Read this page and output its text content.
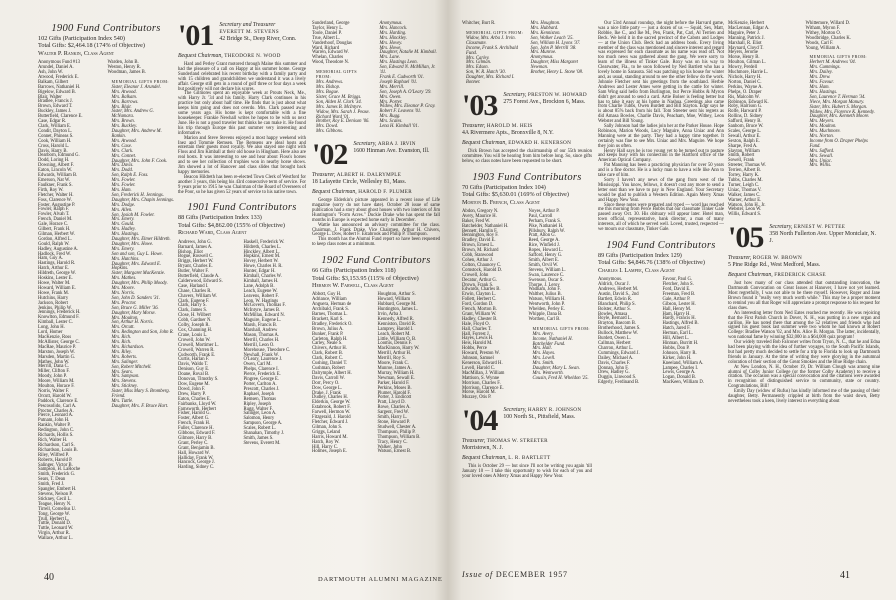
1900 Fund Contributors
102 Gifts (Participation Index 540)
Total Gifts: $2,464.18 (174% of Objective)
Walter P. Rankin, Class Agent
Anonymous Fund #13
Arundel, Daniel A.
Ash, John W.
Atwood, Frederick E.
Balkam, Gilbert
Barrows, Nathaniel H.
Bigelow, Edward B.
Blair, Walter
Bradlee, Francis J.
Brown, Edward T.
Buckley, James J.
Butterfield, Clarence E.
Case, Edgar R.
Clark, William E.
Condit, Dayton L.
Connet, Phineas S.
Cook, William H.
Cross, Harold L.
Davis, Harry B.
Dearborn, Edmund G.
Dodd, Loring H.
Downing, Albert F.
Eaton, Lincoln W.
Edwards, William B.
Emerson, Nat W.
Faulkner, Frank S.
Firth, Roy W.
Fletcher, Walter H.
Foss, Clarence W.
Foster, Augustine P.
Fowler, Ralph F.
Fowler, Alvah T.
French, Daniel M.
Gale, Horace C.
Gilbert, Frank H.
Gilman, Herbert W.
Gordon, Alfred L.
Gould, Ralph W.
Hadley, Augustine A.
Hadlock, Fred W.
Ham, Guy A.
Hastings, Harold R.
Hatch, Arthur E.
Hildreth, George W.
Hoskins, Lester E.
Howe, Walter M.
Howard, William E.
Howe, Frank M.
Hutchins, Harry
Jackson, Robert
Jenkins, Philip W.
Jennings, Frederick H.
Knowlton, Edmund F.
Kimball, Lester C.
Long, John H.
Lord, Homer
MacKenzie, Ross
McAllister, George C.
MacRae, Maurice P.
Marston, Joseph W.
Marsden, Martin G.
Mathes, John W.
Merrill, Dana C.
Miller, Clifton F.
Moody, John P.
Moore, William M.
Moulton, Horace F.
Norris, Walter F.
Orcutt, Harold W.
Paddock, Clarence E.
Pescosolido, Carl A.
Proctor, Charles A.
Pierce, Leonard A.
Putnam, John H.
Rankin, Walter P.
Redington, John C.
Richards, Hollis S.
Rich, Walter H.
Richardson, Carl S.
Richardson, Louis B.
Riley, Wilfred P.
Roberts, Harold P.
Salinger, Victor B.
Sampson, H. LaRoche
Smith, Frederick G.
Sears, T. Dean
Smith, Fred J.
Spangler, Embert H.
Stevens, Nelson P.
Stickney, Cecil L.
Teague, Henry N.
Tirrell, Cornelius U.
Tong, George W.
Trull, Herbert L.
Tuttle, Donald D.
Tuttle, Leonard W.
Virgin, Arthur R.
Wallace, Arthur L.
Warden, John B.
Weston, Henry R.
Woodman, James B.
MEMORIAL GIFTS FROM:
Sister, Eleanor J. Arundel.
Mrs. Atwood.
Mrs. Balkam.
Mrs. Barrows.
Mrs. Blair.
Sister, Mrs. Andrew G. McNamara.
Mrs. Brown.
Mrs. Buckley.
Daughter, Mrs. Andrew M. Rankin.
Mrs. Atwood.
Mrs. Case.
Mrs. Clark.
Mrs. Connet.
Daughter, Mrs. John F. Cook.
Mrs. Davis.
Mrs. Dodd.
Son, Ralph E. Foss.
Mrs. Fowler.
Mrs. Fowler.
Mrs. Ham.
Son, Frederick H. Jennings.
Daughter, Mrs. Chapin Jennings.
Mrs. Dodge.
Mrs. Allen.
Son, Josiah M. Fowler.
Mrs. Emery.
Mrs. Gould.
Mrs. Hadley.
Mrs. Hastings.
Daughter, Mrs. Elmer Hildreth.
Daughter, Mrs. Howe.
Mrs. Emery.
Son and son, Guy L. Howe.
Mrs. Hutchins.
Daughter, Mrs. Edward E. Hopkins.
Sister, Margaret MacKenzie.
Mrs. Mathes.
Daughter, Mrs. Philip Moody.
Mrs. Moore.
Mrs. Norris.
Son, John D. Sanders '31.
Mrs. Proctor.
Son, Bruce G. Miller '36.
Daughter, Mary Morse.
Mrs. Moulton.
Son, Arthur H. Norris.
Mrs. Orcutt.
Mrs. Redington and Son, John R.
Mrs. Rich.
Mrs. Rich.
Mrs. Richardson.
Mrs. Riley.
Mrs. Roberts.
Mrs. Salinger.
Son, Robert Mitchell.
Mrs. Sears.
Mrs. Sampson.
Mrs. Stevens.
Mrs. Stickney.
Sister, Miss Mary S. Bromberg.
Friend.
Mrs. Tuttle.
Daughter, Mrs. F. Bruce Hart.
'01	Secretary and Treasurer
EVERETT M. STEVENS
42 Bridge St., Deep River, Conn.
Bequest Chairman, THEODORE N. WOOD

Hard and Perley Grant motored through Maine this summer and had the pleasure of a call on Happy at his summer home. George Sunderland celebrated his recent birthday with a family party and with 15 children and grandchildren we understand it was a lively affair. George still gets in a round of golf three or four days a week but positively will not declare his scores.

The Gilmores spent an enjoyable week at Prouts Neck, Me., with Harry Jr. '34 and his family. Harry Clark continues in his practice but only about half time. He finds that is just about what keeps him going and does not overdo. Mrs. Clark passed away some years ago. His home is kept comfortable with a fine housekeeper. Frankie Newhall writes he hopes to be with us next June. He is not a good traveler but thinks he can make it. He found his trip through Europe this past summer very interesting and informative.

Marion and Steve Stevens enjoyed a most happy weekend with Inez and Tommie Remsen. The Remsens are ideal hosts and entertain their guests most royally. We also stayed one night with Floss and Jim Kimball at their old house in Hingham. Here also are real hosts. It was interesting to see and hear about Floss's horses and to see her collection of trophies won in nearby horse shows. Jim showed a lot of Hanover and class slides that brought back happy memories.

Beacon Hildreth has been re-elected Town Clerk of Westford for another 3 years, this being his 43rd consecutive term of service. For 9 years prior to 1915 he was Chairman of the Board of Overseers of the Poor, so he has given 52 years of service to his native town.

1901 Fund Contributors
88 Gifts (Participation Index 133)
Total Gifts: $4,862.00 (155% of Objective)
Richard Ward, Class Agent
Andrews, John G.
Barnard, James A.
Bishop, Eliot
Bogue, Roswell C.
Briggs, Herbert W.
Bryant, Charles E.
Butler, Walter F.
Butterfield, Claude A.
Calderwood, Edward S.
Case, Harland I.
Chase, Charles R.
Chavers, William W.
Clark, Eugene F.
Clark, Harry S.
Clark, James S.
Close, H. Wilbert
Cobb, Gardner N.
Colby, Joseph R.
Cox, Channing H.
Crane, Louis L.
Crowell, John W.
Crowell, Mortimer L.
Crowell, Warren R.
Cudworth, Frank E.
Curtis, Harlan F.
Davis, Waldo T.
Denison, Guy E.
Doane, Roval B.
Donovan, Timothy S.
Dow, Eugene M.
Dowd, John F.
Drew, Harry P.
Eaton, Charles E.
Fairbanks, Lloyd W.
Farnsworth, Herbert
Fisher, Harold G.
Foster, Albert G.
French, Frank H.
Fuller, Clarence H.
Gibbons, Edward F.
Gilmore, Harry B.
Grant, Perley C.
Grant, Benjamin B.
Hall, Howard W.
Halliday, Frank W.
Hancock, George J.
Harding, Sidney C.
Haskell, Frederick W.
Hildreth, Charles L.
Hinckley, Albert L.
Hopkins, Ernest M.
Hovey, Herbert W.
Howe, Charles H. R.
Hunter, Edgar H.
Kimball, Charles W.
Kimball, James H.
Lane, Adolph B.
Leach, Eugene W.
Leavens, Robert F.
Leon, W. Hastings
McGovern, Thomas F.
McIntyre, James B.
McMillan, Edward N.
Maguire, Eugene L.
Marsh, Francis B.
Marshall, Andrew
Mason, Thomas A.
Merrill, Charles H.
Merrill, Leon O.
Morehouse, Theodore C.
Newhall, Frank W.
O'Leary, Laurence J.
Owen, Carl M.
Phelps, Clarence I.
Pierce, Frederick E.
Pingree, George E.
Porter, Carlton A.
Prescott, Charles J.
Raphael, Joseph
Remsen, Thomas
Ripley, Joseph
Rugg, Walter F.
Salinger, Leon A.
Salomon, Henry
Sampson, George A.
Scales, Robert L.
Shanahan, Timothy J.
Smith, James S.
Stevens, Everett M.
Sunderland, George
Taylor, Henry L.
Toole, Daniel P.
True, Albert L.
Vanderhoof, Douglas
Ward, Richard
Warren, Edward W.
Whelan, Charles
Wood, Theodore N.
MEMORIAL GIFTS FROM:
Mrs. Andrews.
Mrs. Bishop.
Mrs. Bogue.
Sister, Grace M. Briggs.
Son, Alden H. Clark '34.
Mrs. James B. McIntyre.
Widow, Mrs. Sarah J. Pease.
Richard Ward '01.
Brother, Roy E. Denison '06.
Mrs. Dowd.
Mrs. Gibbons.
Anonymous.
Mrs. Hancock.
Mrs. Harding.
Mrs. Hinckley.
Mrs. Hovey.
Mrs. Howe.
Daughter, Natalie M. Kimball.
Mrs. Lane.
Mrs. Hastings Leon.
Son, Edward N. McMillan, Jr. '41.
Frank E. Cudworth '01.
Joseph Raphael '01.
Mrs. Merrill.
Son, Joseph A. O'Leary '29.
Mrs. Owen.
Mrs. Porter.
Widow, Mrs. Eleanor P. Gray.
Robert F. Leavens '01.
Mrs. Rugg.
Mrs. Scales.
Lena H. Kimball '01.
'02	Secretary, ARBA J. IRVIN
1600 Hinman Ave. Evanston, Ill.
Treasurer, ALBERT H. DALRYMPLE
18 Lafayette Circle, Wellesley 81, Mass.
Bequest Chairman, HAROLD F. PLUMER

George Elderkin's picture appeared in a recent issue of Life magazine (sorry do not have date). October 28 issue of same publication had a story about ghost houses with two interiors of Jim Huntington's "Form Acres." Duckie Drake who has spent the fall months in Europe is expected home early in December.

Wattie has announced an advisory committee for the class. Chairman, J. Frank Drake, Vice Chairmen, Arthur H. Chivers, George L. Dow, Robert F. Estabrook and Philip P. Thompson.

This month has the Alumni Fund report so have been requested to keep class notes at a minimum.

1902 Fund Contributors
66 Gifts (Participation Index 118)
Total Gifts: $3,153.95 (115% of Objective)
Hermon W. Farwell, Class Agent
Abbott, Guy H.
Adriance, William
Anguera, Herman de
Archibald, Frank S.
Barnes, Thomas L.
Brackett, Karl S.
Bradley, Frederick O.
Brown, Julius A.
Bunker, Frank P.
Carleton, Ralph H.
Carley, Neale S.
Chivers, Arthur H.
Clark, Robert B.
Clark, Robert C.
Cushing, Daniel T.
Cushman, Robert
Dalrymple, Albert H.
Davis, Carroll W.
Dorr, Percy O.
Dow, George L.
Drake, J. Frank
Dudley, Charles H.
Elderkin, George W.
Estabrook, Robert F.
Farwell, Hermon W.
Fitzgerald, J. Harold
Fletcher, Edward J.
Gilman, John S.
Griggs, Leland
Harris, Howard M.
Hatch, Roy W.
Hill, Harry C.
Holmes, Joseph E.
Houghton, Arthur S.
Howard, William
Hubbard, George M.
Huntington, James L.
Irvin, Arba J.
Kennedy, Alfred R.
Kenniston, David R.
Lamprey, Harold I.
Leach, Robert M.
Little, William O. B.
Loomis, Dennis F.
MacKinnon, Harry W.
Merrill, Arthur H.
Merrill, Roy S.
Moore, Frank C.
Munroe, James A.
Murray, William H.
Newman, Sewall E.
Parker, Harold F.
Perkins, Moses B.
Plumer, Harold F.
Porter, J. Endicott
Pratt, Lloyd D.
Rowe, Charles A.
Sargent, Fred W.
Smith, Harry L.
Stone, Howard P.
Studwell, Chester A.
Thompson, Philip P.
Thompson, William B.
Tracy, Henry C.
Walker, John
Watson, Ernest B.
40	DARTMOUTH ALUMNI MAGAZINE
Whitcher, Burt R.
MEMORIAL GIFTS FROM:
Widow, Mrs. Arba J. Irvin.
Classmate.
Income, Frank S. Archibald Fund.
Mrs. Carley.
Mrs. Gilman.
Mrs. Edson.
Son, W. R. Hatch '30.
Daughter, Mrs. Richard I. Bonner.
Mrs. Houghton.
Mrs. Hubbard.
Mrs. Kenniston.
Son, Walker Leach '25.
Son, William H. Lyons '37.
Son, John P. Merrill '38.
Mrs. Munroe.
Anonymous.
Daughter, Miss Margaret Newman.
Brother, Henry L. Stone '08.
'03	Secretary, PRESTON W. HOWARD
275 Forest Ave., Brockton 6, Mass.
Treasurer, HAROLD M. HEIS
4A Rivermere Apts., Bronxville 8, N.Y.
Bequest Chairman, EDWARD H. KENERSON

Dick Brown has accepted the chairmanship of our 55th reunion committee. You will be hearing from him before long. So, since gifts below, so class notes have been requested to be short.

1903 Fund Contributors
70 Gifts (Participation Index 104)
Total Gifts: $5,630.01 (169% of Objective)
Morton B. French, Class Agent
Abdon, Gregory N.
Avery, Maurice H.
Baker, Fred W.
Batchelder, Nathaniel H.
Bennett, Hamlin F.
Bennington, Roy F.
Bradley, David E.
Brown, Ernest L.
Brown, M. Richard
Cobb, Stanwood
Cohen, Arthur J.
Colton, Chauncey C.
Comstock, Harold D.
Crowell, John
Decatur, Arthur G.
Drown, Frank S.
Edwards, Charles B.
Erwin, Clayton L.
Follett, Herbert C.
Ford, Gordon D.
French, Morton B.
Grant, William W.
Hadley, Chester B.
Hale, Floyd O.
Hall, Charles T.
Hall, Forrest J.
Hayes, Lewis H.
Heis, Harold M.
Hobbs, Perce
Howard, Preston W.
Johnson, Samuel
Kenerson, Edward H.
Lovell, Harold C.
MacMillan, J. William
Mattison, S. Wynne
Morrison, Charles F.
Morrison, Clarence E.
Morse, Harold M.
Muzzey, Otis P.
Noyes, Arthur P.
Paul, Carroll
Perham, Frank S.
Pike, Nathaniel H.
Pillsbury, Ralph W.
Pratt, Alton G.
Reed, George A.
Rice, Winfield J.
Ropes, Howard L.
Safford, Henry G.
Smith, Albert E.
Smith, Orvil W.
Stevens, William L.
Swan, Laurence C.
Swenson, Oscar S.
Thorpe, J. Leroy
Wadham, John F.
Walther, Julius B.
Watson, William H.
Wentworth, John P.
Whelden, Perley E.
Whipple, Dana B.
Worthen, Carl B.
MEMORIAL GIFTS FROM:
Mrs. Avery.
Income, Nathaniel H. Batchelder Fund.
Mrs. Hall.
Mrs. Hayes.
Mrs. Lovell.
Mrs. Smith.
Daughter, Mary L. Swan.
Mrs. Wentworth.
Cousin, Fred H. Wheldon '25.
'04	Secretary, HARRY R. JOHNSON
100 North St., Pittsfield, Mass.
Treasurer, THOMAS W. STREETER
Morristown, N. J.
Bequest Chairman, L. R. BARTLETT

This is October 29 — but since I'll not be writing you again 'till January 10 — I take this opportunity to wish for each of you and your loved ones A Merry Xmas and Happy New Year.

Issue of DECEMBER 1957

Our 53rd Annual roundup, the night before the Harvard game, was a nice little party — just a dozen of us — Squid, Sex, Matt, Robbie, Ike C., and Ike M., Pen, Frank, Pat, Carl, Al Terrien and Beck. We held it in the sacred precinct of the Cabots and Lodges — at the Union Club. Beck had an address book. Every living member of the class was mentioned and sincere interest and regard was expressed for each classmate as his name was read off. Not too much news was gathered about the gang. We were sorry to learn of the illness of Tinker Gale. Roxy was on his way to Clearwater, Fla., to be soon followed by Ned Bartlett who has a lovely home in Sarasota. Sid was patching up his house for winter and, as usual, standing around to see the other fellow do the work. Johnnie Fletcher sent his greetings from the southland. Herbie Andrews and Lester Ames were getting in the cattle for winter. Sam Wing said hello from Burlington, but Perce Hobbs & Myron didn't get around to send a card. Artie Bolser is feeling better but has to take it easy at his home in Nashua. Greetings also came from Charlie Tubbs, Owen Burdett and Bill Slayton. Edgr says he is about 85% back from his fall. Tom Streeter sent his regrets as did Amasa Bowles, Charlie Davis, Peacham, Moe, Withey, Leon Webster and Bill Young.

Sally Johnson had the ladies join her at the Parker House. Hope Robinson, Marion Woods, Lucy Maguire, Anna Uniac and Ann Manning were at the party. They had a happy time together. It certainly was fine to see Mrs. Uniac and Mrs. Maguire. We hope they join us often.

Henry Hall says he is too young yet to be turned out to pasture and keeps busy with his connection in the Hartford office of the American Optical Company.

Pat Manning has been a practicing physician for over 50 years and is a fine doctor. He is a lucky man to have a wife like Ann to take care of him.

Sorry I haven't any news of the gang from west of the Mississippi. You know, fellows, it doesn't cost any more to send a letter east than we have to pay in New England. Your Secretary would be glad to publish a Western Edition. Again Merry Xmas and Happy New Year.

Since these notes were prepared and typed — word has reached me this morning from Perce Hobbs that our classmate Tinker Gale passed away Oct. 30. His obituary will appear later. Hotel man, town official, representative, bank director, a man of many interests, all of which he served well. Loved, trusted, respected — we mourn our classmate, Tinker Gale.

1904 Fund Contributors
89 Gifts (Participation Index 129)
Total Gifts: $4,846.76 (138% of Objective)
Charles I. Lampee, Class Agent
Anonymous.
Aldrich, Oscar J.
Andrews, Herbert M.
Austin, David S., 2nd
Bartlett, Edwin R.
Blanchard, Philip S.
Bolster, Arthur S.
Bowles, Amasa
Boyle, Bernard L.
Brayton, Bascom B.
Brotherhood, James S.
Bullock, Matthew W.
Burdett, Owen L.
Callman, Herbert
Charron, Arthur L.
Cummings, Edward J.
Dailey, Michael A.
Davis, Charles F.
Donnan, John F.
Drew, Hadley G.
Duggin, Linwood S.
Edgerly, Ferdinand B.
Favour, Paul G.
Fletcher, John S.
Ford, David E.
Freeman, Fred B.
Gale, Arthur P.
Gibson, Lester H.
Hall, Henry M.
Ham, Harry H.
Hardy, Francis H.
Hastings, Alfred B.
Hatch, Jared F.
Herman, Earl L.
Hill, Albert L.
Hinman, Burritt H.
Hobbs, Don P.
Johnson, Harry R.
Kirker, John H.
Kneeland, William A.
Lampee, Charles I.
Lewis, George A.
Logan, Donald B.
MacKeen, William D.
McKenzie, Herbert
MacLennan, Edgar A.
Maguire, Peter J.
Manning, Patrick J.
Marshall, R. Eliot
Maynard, Cloyd T.
Meyers, Jerome
Morse, Henry B.
Moulton, Gilman L.
Mowry, Perdell
Muchmore, Harrie L.
Nichols, Harry H.
Norton, Daniel C.
Perkins, Wayne A.
Phelps, O. Draper
Ris, Malcolm W.
Robinson, Edward K.
Roby, Harrison G.
Rolfe, Harward P.
Rollins, D. Sidney
Safford, Henry B.
Sanborn, Bruce W.
Scales, George L.
Sewall, Arthur E.
Sexton, Ralph E.
Sharpe, Fred A.
Slayton, William
Smith, Robert
Sowell, Frank
Streeter, Thomas W.
Terrien, Albert B.
Torrey, Harry K.
Tubbs, Charles M.
Turner, Leigh C.
Uniac, Thomas V.
Walker, James C.
Warner, Arthur E.
Watson, John H., Jr.
Webster, Leon W.
Willis, Edward S.
Whittemore, Willard D.
Witham, Myron F.
Withey, Morton O.
Woodbridge, Charles K.
Woods, Carl F.
Young, William A.
MEMORIAL GIFTS FROM:
Herbert M. Andrews '04.
Mrs. Cummings.
Mrs. Dailey.
Mrs. Drew.
Mrs. Favour.
Mrs. Ham.
Mrs. Hastings.
Son, Laurence T. Herman '34.
Niece, Mrs. Morgan Manury.
Sister, Mrs. Hubert S. Morgan.
Widow, Mrs. Florence K. Kennedy.
Daughter, Mrs. Kenneth Moore.
Mrs. Meyers.
Mrs. Moulton.
Mrs. Muchmore.
Mrs. Norton.
Income from O. Draper Phelps Fund.
Mrs. Safford.
Mrs. Sewall.
Mrs. Uniac.
Mrs. Willis.
'05	Secretary, ERNEST W. PETTEE
358 North Fullerton Ave. Upper Montclair, N. J.
Treasurer, ROGER W. BROWN
5 Pine Ridge Rd., West Medford, Mass.
Bequest Chairman, FREDERICK CHASE

Just how many of our class attended that outstanding innovation, the Dartmouth Convocation on Great Issues at Hanover, I have not yet learned. Most regretfully, I was not able to be there myself. However, Roger and Jane Brown found it "really very much worth while." This may be a proper moment to remind you all that Roger will appreciate a prompt response to his request for class dues.

An interesting letter from Ned Eates reached me recently. He was rejoicing that the First Parish Church in Dover, N. H., was putting in a new organ and carillon. He has noted there that among the 52 relatives and friends who had signed his guest book last summer were two whom he had known at Robert College: Bradlee Watson '02, and Mrs. Alice B. Morgan. The latter, incidentally, won national fame by winning $32,000 in a $64,000 quiz program!

Our widely traveled Bob Falconer writes from Tryon, N. C., that he and Edna had been playing with the idea of further voyages, to the South Pacific Islands, but had pretty much decided to settle for a trip to Florida to look up Dartmouth friends in January. At the time of writing they were glorying in the autumnal coloration of their section of the Great Smokies and the Blue Ridge chain.

At New London, N. H., October 19, Dr. William Clough was among nine alumni of Colby Junior College (or the former Colby Academy) to receive a citation. The occasion was a special convocation and the citations were awarded in recognition of distinguished service to community, state or country. Congratulations, Bill!

Emily Day (widow of Rufus) has kindly informed me of the passing of their daughter, Betty. Permanently crippled at birth from the waist down, Betty nevertheless took a keen, lively interest in everything about

41
